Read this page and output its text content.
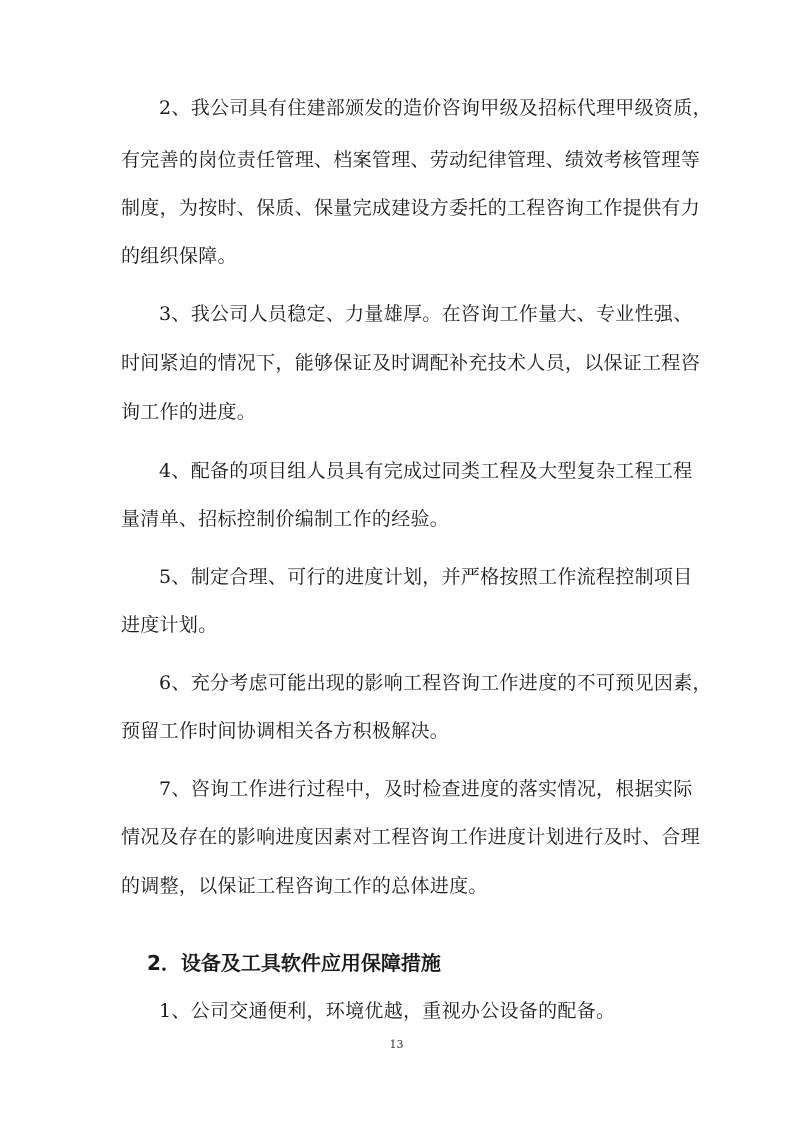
2、我公司具有住建部颁发的造价咨询甲级及招标代理甲级资质，
有完善的岗位责任管理、档案管理、劳动纪律管理、绩效考核管理等
制度，为按时、保质、保量完成建设方委托的工程咨询工作提供有力
的组织保障。
3、我公司人员稳定、力量雄厚。在咨询工作量大、专业性强、
时间紧迫的情况下，能够保证及时调配补充技术人员，以保证工程咨
询工作的进度。
4、配备的项目组人员具有完成过同类工程及大型复杂工程工程
量清单、招标控制价编制工作的经验。
5、制定合理、可行的进度计划，并严格按照工作流程控制项目
进度计划。
6、充分考虑可能出现的影响工程咨询工作进度的不可预见因素，
预留工作时间协调相关各方积极解决。
7、咨询工作进行过程中，及时检查进度的落实情况，根据实际
情况及存在的影响进度因素对工程咨询工作进度计划进行及时、合理
的调整，以保证工程咨询工作的总体进度。
2．设备及工具软件应用保障措施
1、公司交通便利，环境优越，重视办公设备的配备。
13
